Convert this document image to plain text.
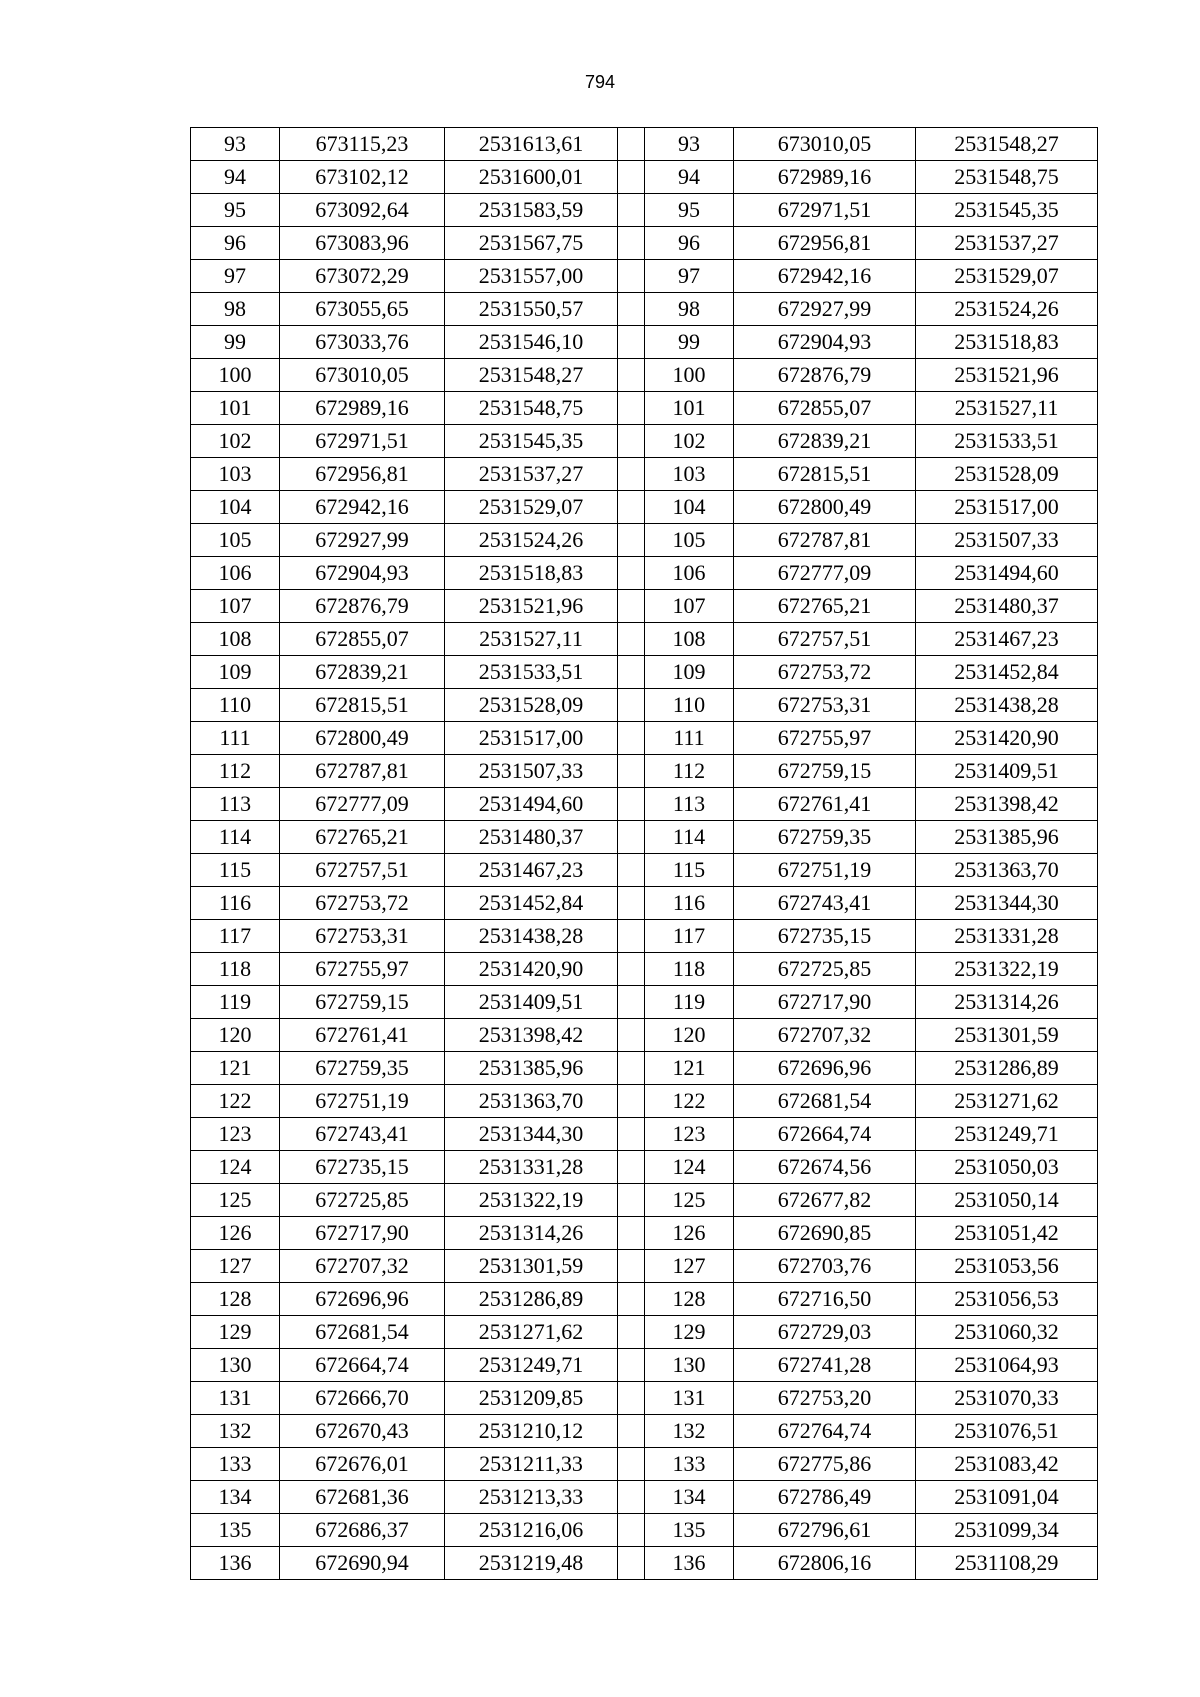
794
93	673115,23	2531613,61		93	673010,05	2531548,27
94	673102,12	2531600,01		94	672989,16	2531548,75
95	673092,64	2531583,59		95	672971,51	2531545,35
96	673083,96	2531567,75		96	672956,81	2531537,27
97	673072,29	2531557,00		97	672942,16	2531529,07
98	673055,65	2531550,57		98	672927,99	2531524,26
99	673033,76	2531546,10		99	672904,93	2531518,83
100	673010,05	2531548,27		100	672876,79	2531521,96
101	672989,16	2531548,75		101	672855,07	2531527,11
102	672971,51	2531545,35		102	672839,21	2531533,51
103	672956,81	2531537,27		103	672815,51	2531528,09
104	672942,16	2531529,07		104	672800,49	2531517,00
105	672927,99	2531524,26		105	672787,81	2531507,33
106	672904,93	2531518,83		106	672777,09	2531494,60
107	672876,79	2531521,96		107	672765,21	2531480,37
108	672855,07	2531527,11		108	672757,51	2531467,23
109	672839,21	2531533,51		109	672753,72	2531452,84
110	672815,51	2531528,09		110	672753,31	2531438,28
111	672800,49	2531517,00		111	672755,97	2531420,90
112	672787,81	2531507,33		112	672759,15	2531409,51
113	672777,09	2531494,60		113	672761,41	2531398,42
114	672765,21	2531480,37		114	672759,35	2531385,96
115	672757,51	2531467,23		115	672751,19	2531363,70
116	672753,72	2531452,84		116	672743,41	2531344,30
117	672753,31	2531438,28		117	672735,15	2531331,28
118	672755,97	2531420,90		118	672725,85	2531322,19
119	672759,15	2531409,51		119	672717,90	2531314,26
120	672761,41	2531398,42		120	672707,32	2531301,59
121	672759,35	2531385,96		121	672696,96	2531286,89
122	672751,19	2531363,70		122	672681,54	2531271,62
123	672743,41	2531344,30		123	672664,74	2531249,71
124	672735,15	2531331,28		124	672674,56	2531050,03
125	672725,85	2531322,19		125	672677,82	2531050,14
126	672717,90	2531314,26		126	672690,85	2531051,42
127	672707,32	2531301,59		127	672703,76	2531053,56
128	672696,96	2531286,89		128	672716,50	2531056,53
129	672681,54	2531271,62		129	672729,03	2531060,32
130	672664,74	2531249,71		130	672741,28	2531064,93
131	672666,70	2531209,85		131	672753,20	2531070,33
132	672670,43	2531210,12		132	672764,74	2531076,51
133	672676,01	2531211,33		133	672775,86	2531083,42
134	672681,36	2531213,33		134	672786,49	2531091,04
135	672686,37	2531216,06		135	672796,61	2531099,34
136	672690,94	2531219,48		136	672806,16	2531108,29
